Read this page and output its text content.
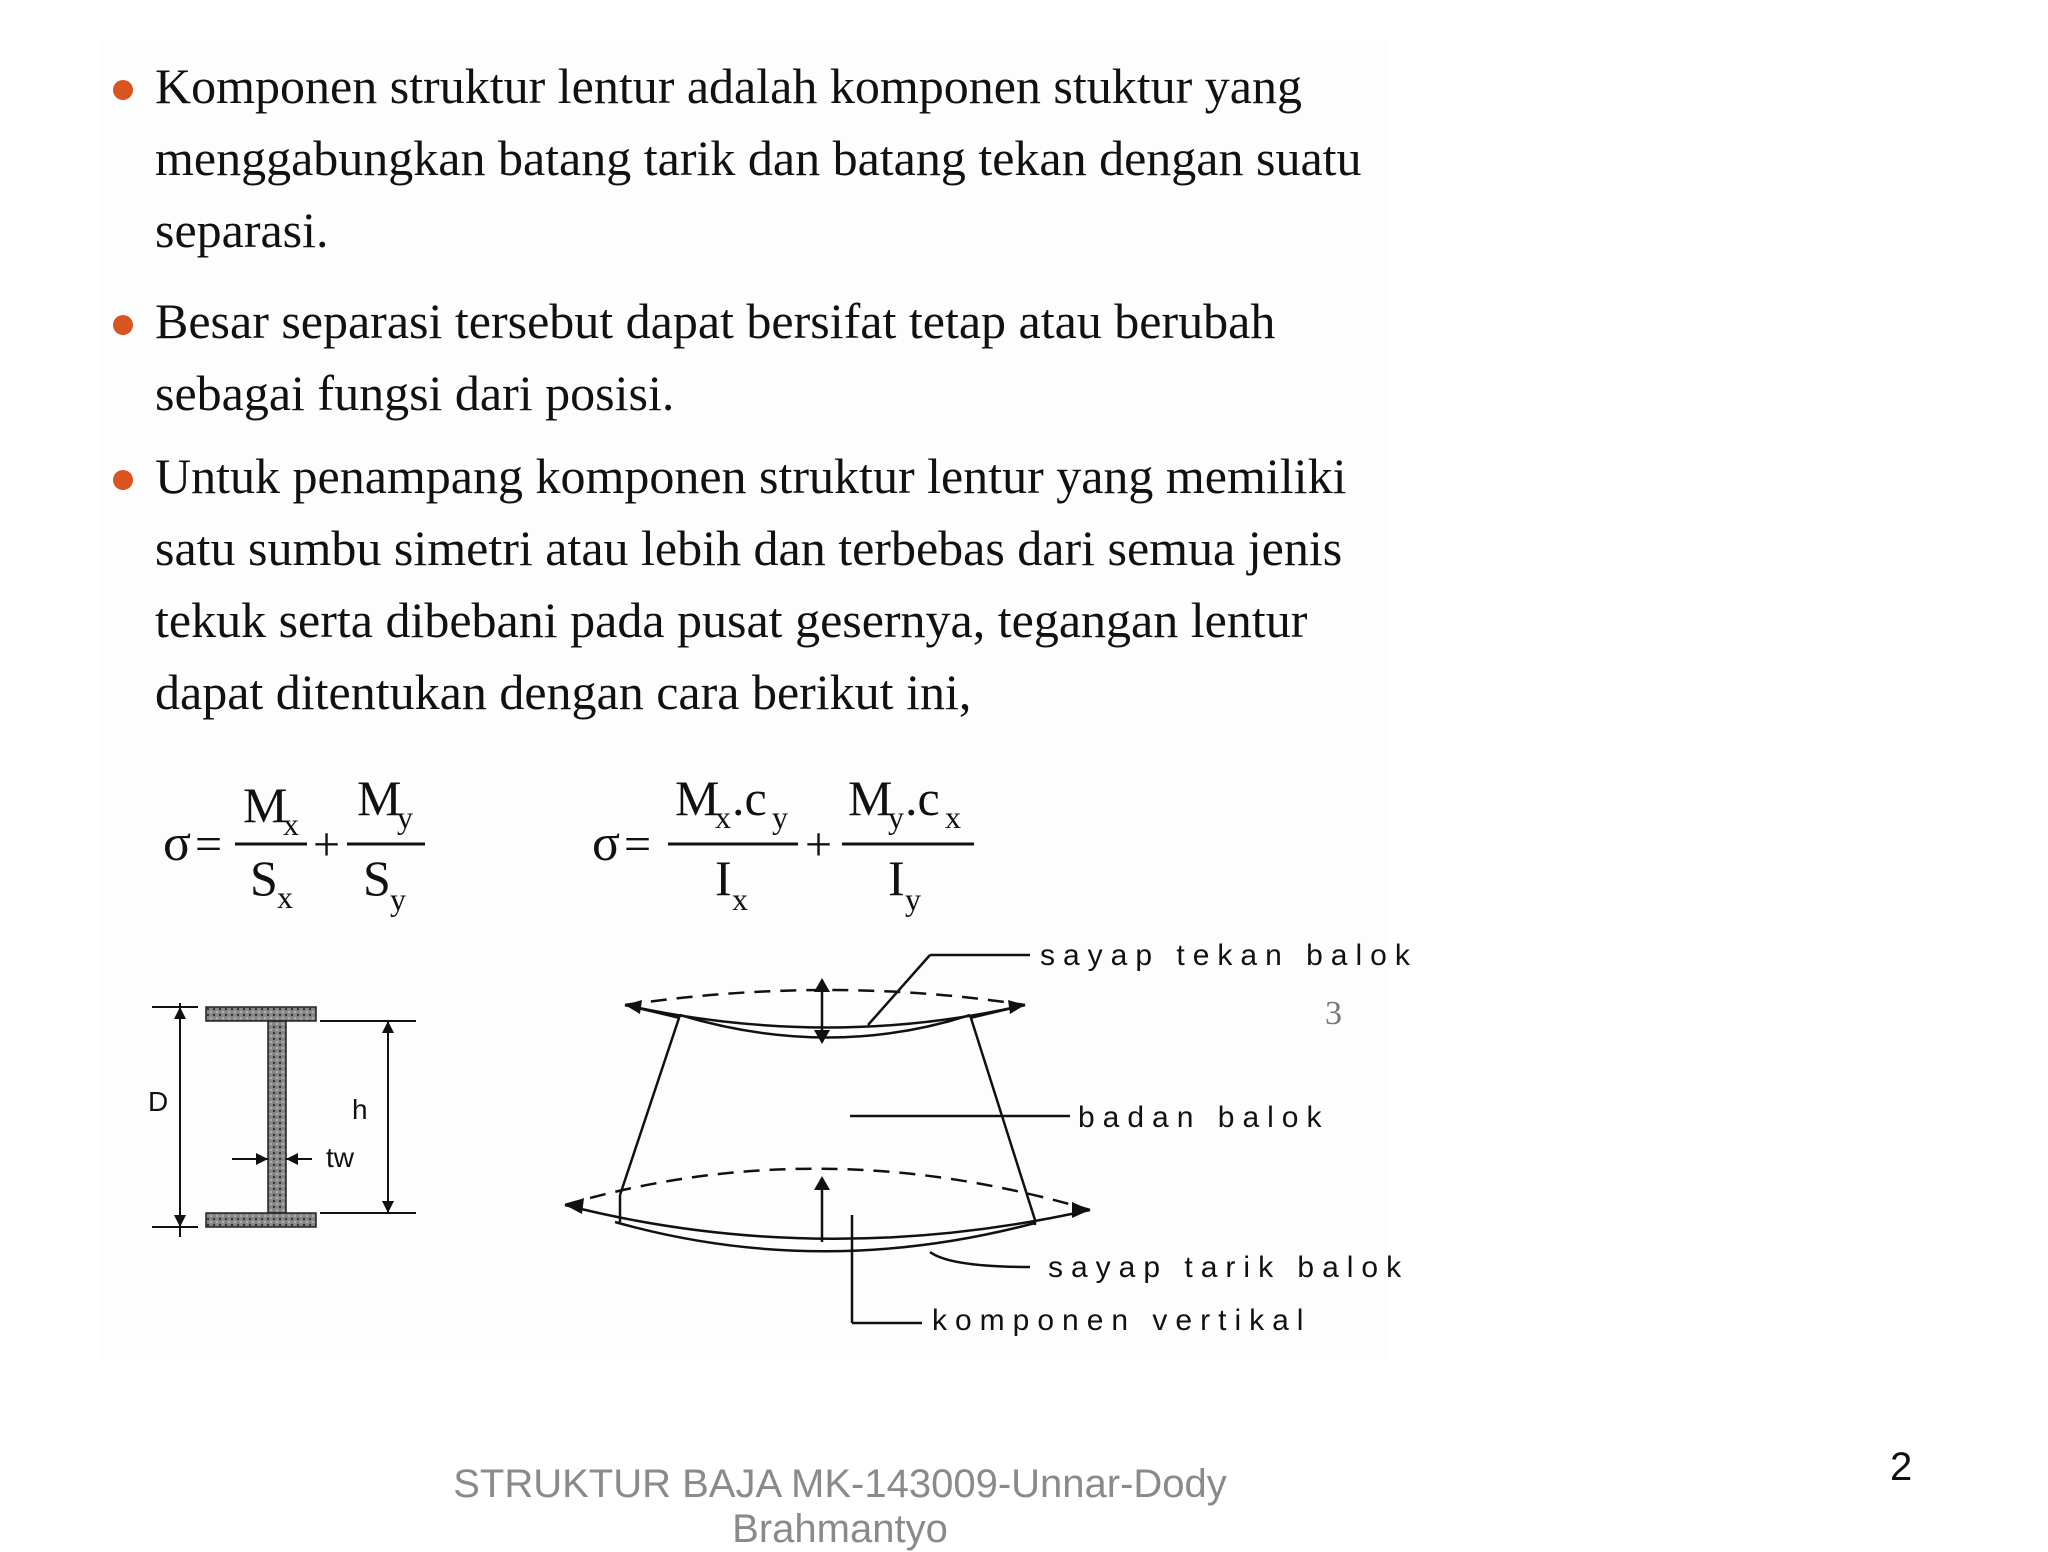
Komponen struktur lentur adalah komponen stuktur yang
menggabungkan batang tarik dan batang tekan dengan suatu
separasi.
Besar separasi tersebut dapat bersifat tetap atau berubah
sebagai fungsi dari posisi.
Untuk penampang komponen struktur lentur yang memiliki
satu sumbu simetri atau lebih dan terbebas dari semua jenis
tekuk serta dibebani pada pusat gesernya, tegangan lentur
dapat ditentukan dengan cara berikut ini,
σ =
M
x
S x
+
M
y
S y
σ =
M
x .c y
I x
+
M
y .c x
I y
D	h
tw
sayap tekan balok
badan balok
sayap tarik balok
komponen vertikal
3
STRUKTUR BAJA MK-143009-Unnar-Dody Brahmantyo
2
